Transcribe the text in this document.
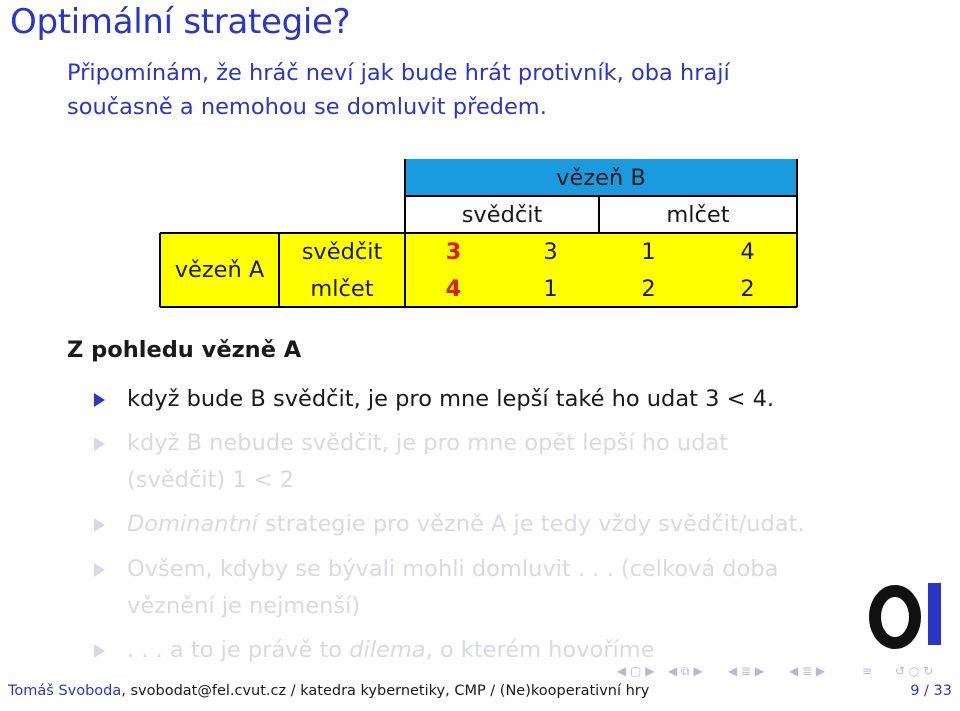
Optimální strategie?
Připomínám, že hráč neví jak bude hrát protivník, oba hrají
současně a nemohou se domluvit předem.
vězeň B
svědčit	mlčet
vězeň A
svědčit	3	3	1	4
mlčet	4	1	2	2
Z pohledu vězně A
když bude B svědčit, je pro mne lepší také ho udat 3 < 4.
když B nebude svědčit, je pro mne opět lepší ho udat
(svědčit) 1 < 2
Dominantní strategie pro vězně A je tedy vždy svědčit/udat.
Ovšem, kdyby se bývali mohli domluvit . . . (celková doba
věznění je nejmenší)
. . . a to je právě to dilema, o kterém hovoříme
◀ ▢ ▶ ◀ ⧉ ▶ ◀ ≣ ▶ ◀ ≣ ▶	≡ ↺ ○ ↻
Tomáš Svoboda, svobodat@fel.cvut.cz / katedra kybernetiky, CMP / (Ne)kooperativní hry	9 / 33
